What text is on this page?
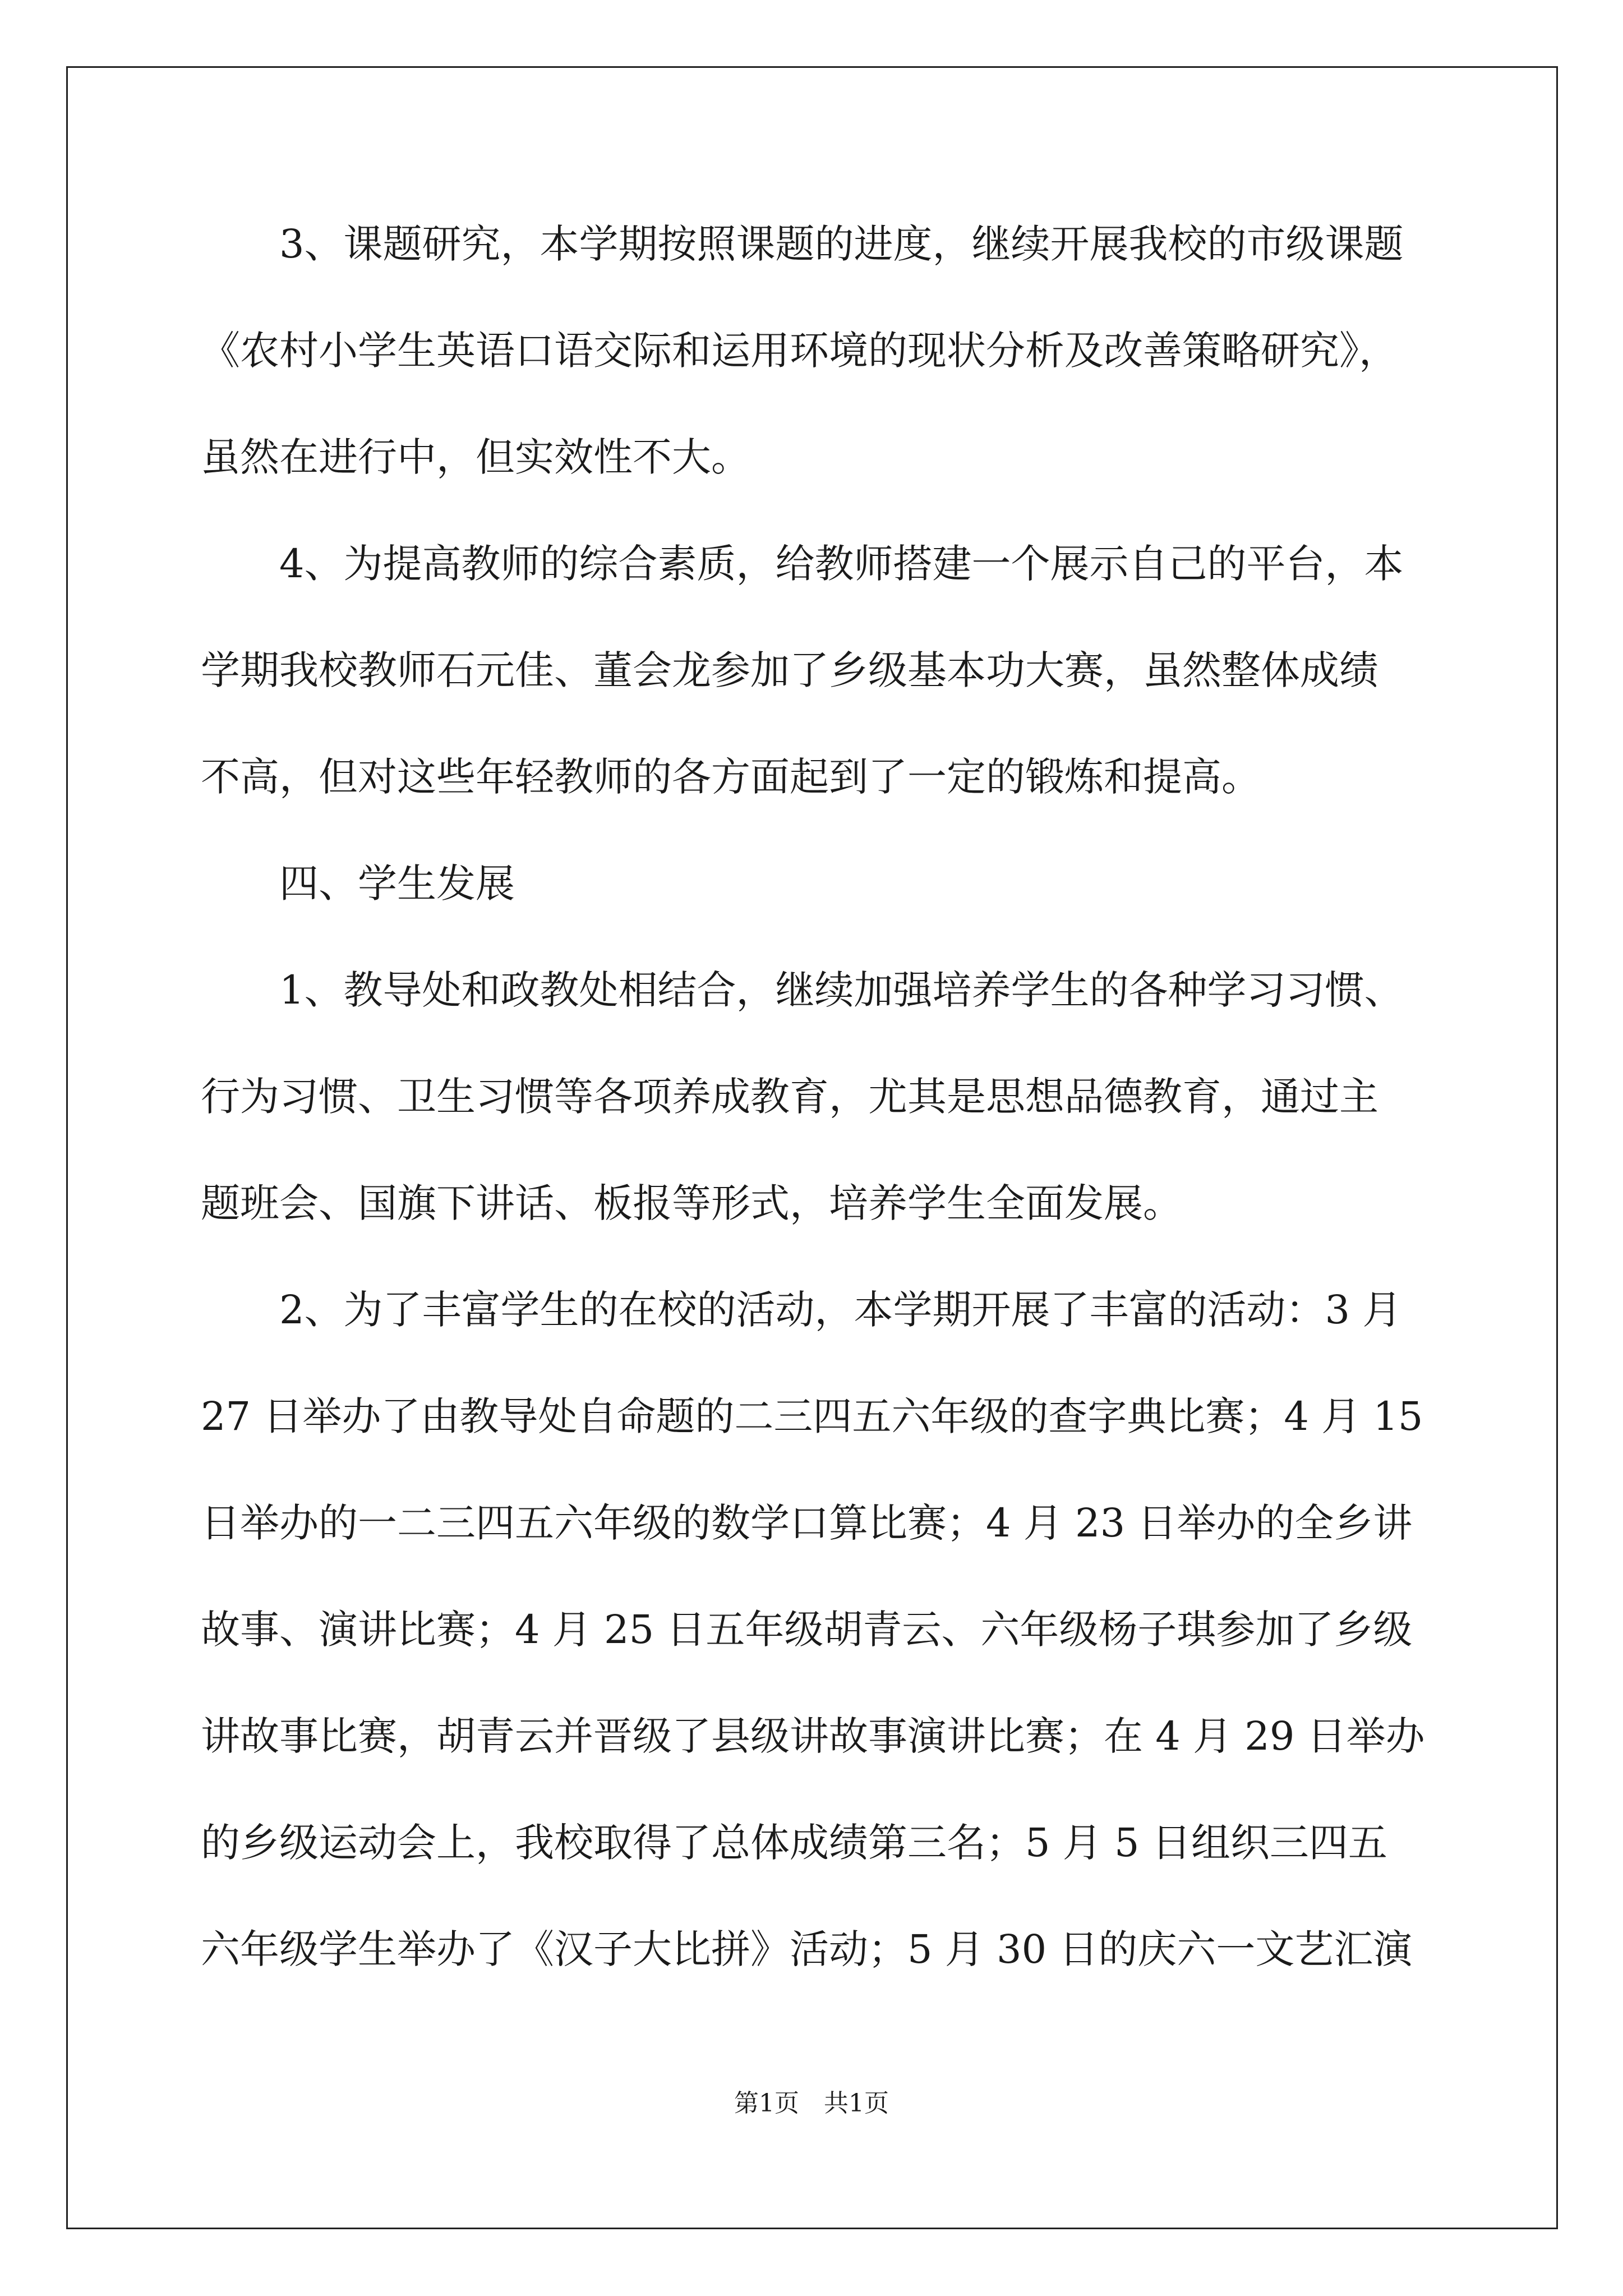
3、课题研究，本学期按照课题的进度，继续开展我校的市级课题
《农村小学生英语口语交际和运用环境的现状分析及改善策略研究》，
虽然在进行中，但实效性不大。
4、为提高教师的综合素质，给教师搭建一个展示自己的平台，本
学期我校教师石元佳、董会龙参加了乡级基本功大赛，虽然整体成绩
不高，但对这些年轻教师的各方面起到了一定的锻炼和提高。
四、学生发展
1、教导处和政教处相结合，继续加强培养学生的各种学习习惯、
行为习惯、卫生习惯等各项养成教育，尤其是思想品德教育，通过主
题班会、国旗下讲话、板报等形式，培养学生全面发展。
2、为了丰富学生的在校的活动，本学期开展了丰富的活动：3 月
27 日举办了由教导处自命题的二三四五六年级的查字典比赛；4 月 15
日举办的一二三四五六年级的数学口算比赛；4 月 23 日举办的全乡讲
故事、演讲比赛；4 月 25 日五年级胡青云、六年级杨子琪参加了乡级
讲故事比赛，胡青云并晋级了县级讲故事演讲比赛；在 4 月 29 日举办
的乡级运动会上，我校取得了总体成绩第三名；5 月 5 日组织三四五
六年级学生举办了《汉子大比拼》活动；5 月 30 日的庆六一文艺汇演
第1页　共1页
